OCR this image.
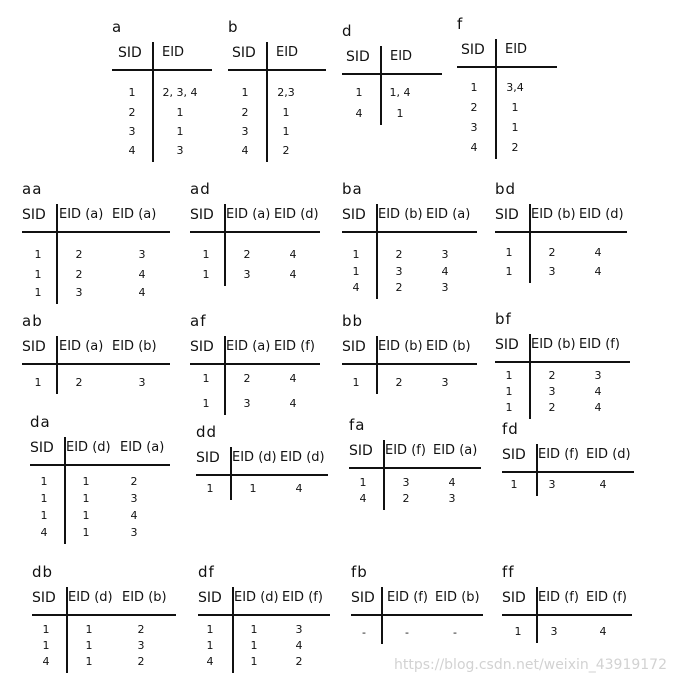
a
SID EID
1 2, 3, 4
2	1
3	1
4	3
b
SID EID
1	2,3
2	1
3	1
4	2
d
SID EID
1 1, 4
4	1
f
SID EID
1	3,4
2	1
3	1
4	2
aa
SID EID (a) EID (a)
1	2	3
1	2	4
1	3	4
ad
SID EID (a) EID (d)
1	2	4
1	3	4
ba
SID EID (b) EID (a)
1	2	3
1	3	4
4	2	3
bd
SID EID (b) EID (d)
1	2	4
1	3	4
ab
SID EID (a) EID (b)
1	2	3
af
SID EID (a) EID (f)
1	2	4
1	3	4
bb
SID EID (b) EID (b)
1	2	3
bf
SID EID (b) EID (f)
1	2	3
1	3	4
1	2	4
da
SID EID (d) EID (a)
1	1	2
1	1	3
1	1	4
4	1	3
dd
SID EID (d) EID (d)
1	1	4
fa
SID EID (f) EID (a)
1	3	4
4	2	3
fd
SID EID (f) EID (d)
1	3	4
db
SID EID (d) EID (b)
1	1	2
1	1	3
4	1	2
df
SID EID (d) EID (f)
1	1	3
1	1	4
4	1	2
fb
SID EID (f) EID (b)
-	-	-
ff
SID EID (f) EID (f)
1	3	4
https://blog.csdn.net/weixin_43919172
